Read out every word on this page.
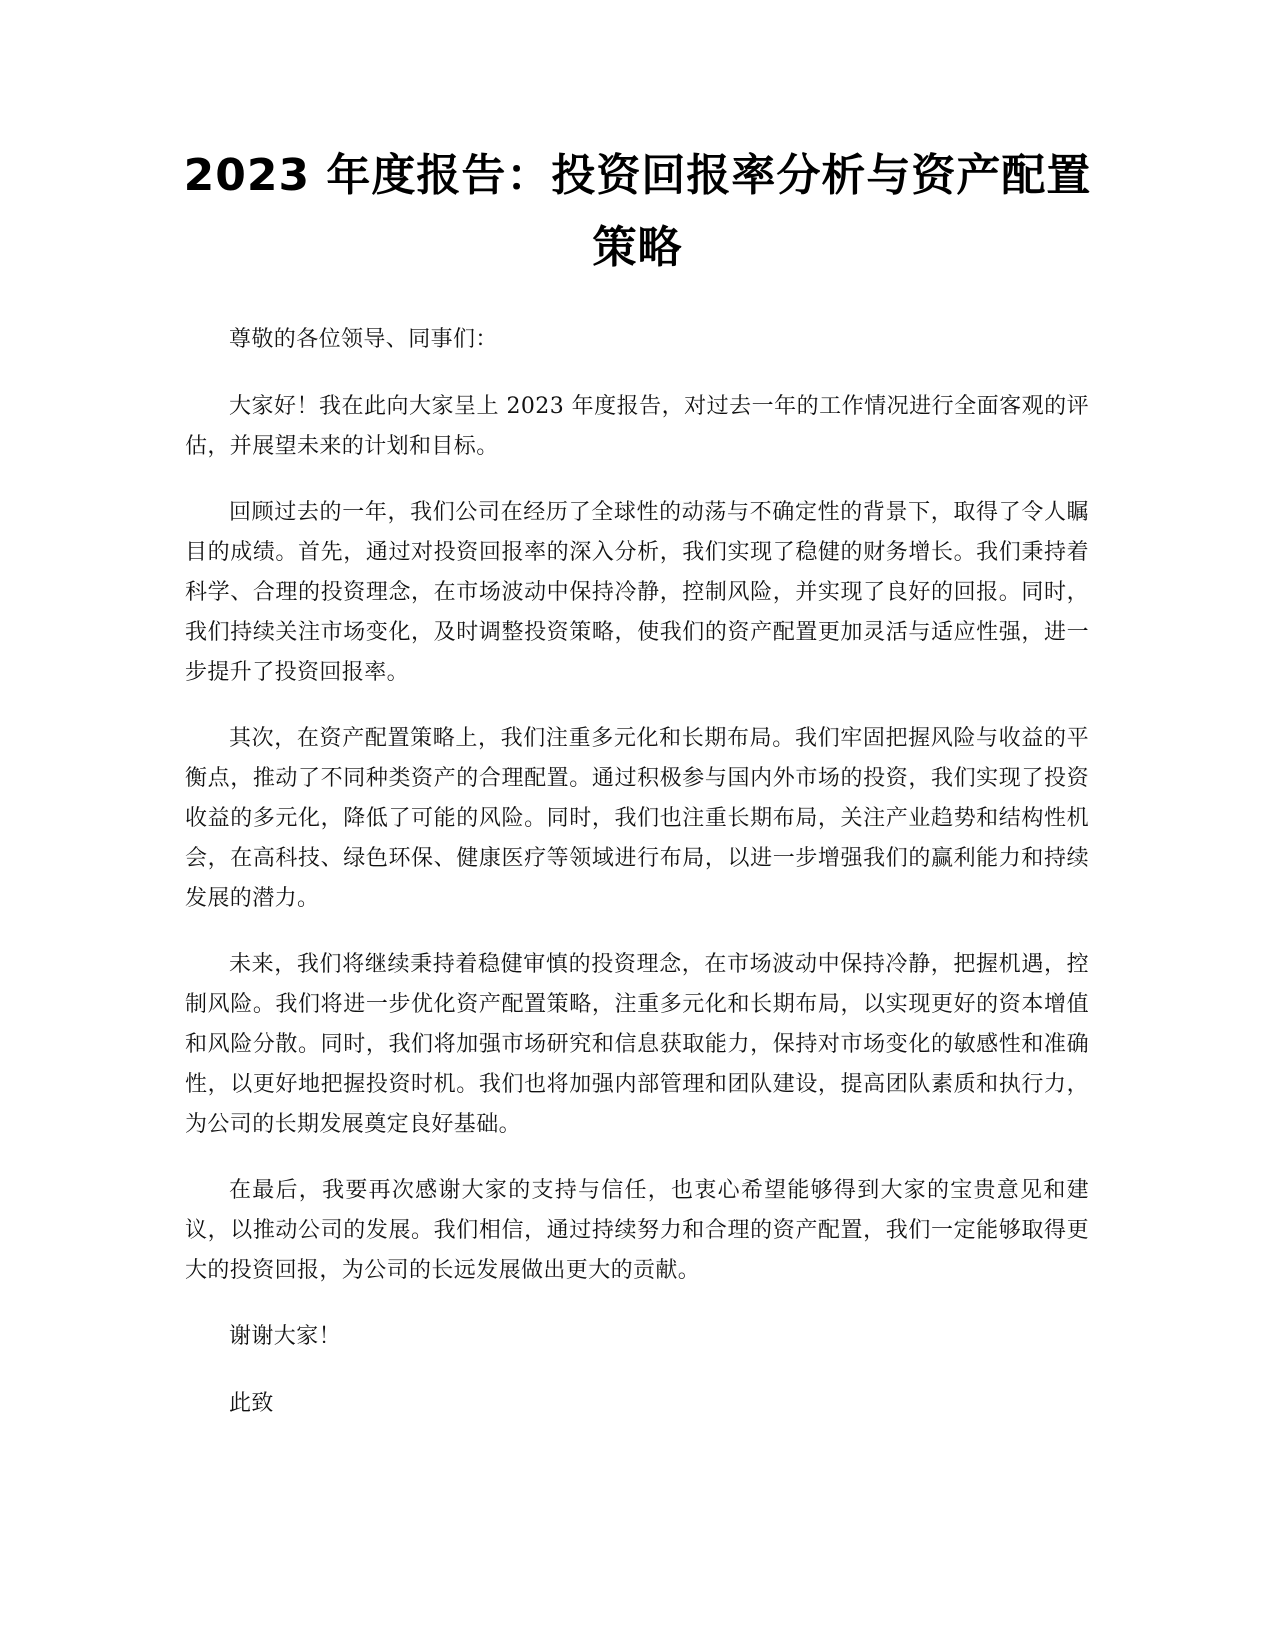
2023 年度报告：投资回报率分析与资产配置
策略

尊敬的各位领导、同事们：

大家好！我在此向大家呈上 2023 年度报告，对过去一年的工作情况进行全面客观的评估，并展望未来的计划和目标。

回顾过去的一年，我们公司在经历了全球性的动荡与不确定性的背景下，取得了令人瞩目的成绩。首先，通过对投资回报率的深入分析，我们实现了稳健的财务增长。我们秉持着科学、合理的投资理念，在市场波动中保持冷静，控制风险，并实现了良好的回报。同时，我们持续关注市场变化，及时调整投资策略，使我们的资产配置更加灵活与适应性强，进一步提升了投资回报率。

其次，在资产配置策略上，我们注重多元化和长期布局。我们牢固把握风险与收益的平衡点，推动了不同种类资产的合理配置。通过积极参与国内外市场的投资，我们实现了投资收益的多元化，降低了可能的风险。同时，我们也注重长期布局，关注产业趋势和结构性机会，在高科技、绿色环保、健康医疗等领域进行布局，以进一步增强我们的赢利能力和持续发展的潜力。

未来，我们将继续秉持着稳健审慎的投资理念，在市场波动中保持冷静，把握机遇，控制风险。我们将进一步优化资产配置策略，注重多元化和长期布局，以实现更好的资本增值和风险分散。同时，我们将加强市场研究和信息获取能力，保持对市场变化的敏感性和准确性，以更好地把握投资时机。我们也将加强内部管理和团队建设，提高团队素质和执行力，为公司的长期发展奠定良好基础。

在最后，我要再次感谢大家的支持与信任，也衷心希望能够得到大家的宝贵意见和建议，以推动公司的发展。我们相信，通过持续努力和合理的资产配置，我们一定能够取得更大的投资回报，为公司的长远发展做出更大的贡献。

谢谢大家！

此致
